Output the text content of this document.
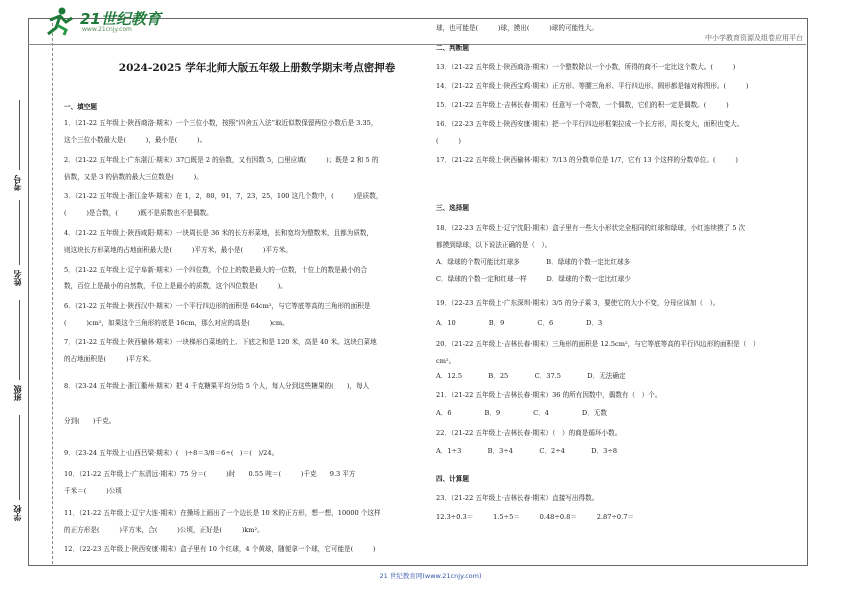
21世纪教育
www.21cnjy.com
中小学教育资源及组卷应用平台
考号
姓名
班级
学校
2024-2025 学年北师大版五年级上册数学期末考点密押卷
一、填空题
1．（21-22 五年级上·陕西商洛·期末）一个三位小数，按照“四舍五入法”取近似数保留两位小数后是 3.35，
这个三位小数最大是(　　　)，最小是(　　　)。
2．（21-22 五年级上·广东湛江·期末）37□既是 2 的倍数，又有因数 5，□里应填(　　　)；既是 2 和 5 的
倍数，又是 3 的倍数的最大三位数是(　　　)。
3．（21-22 五年级上·浙江金华·期末）在 1，2，80，91，7，23，25，100 这几个数中，(　　　)是质数，
(　　　)是合数，(　　　)既不是质数也不是偶数。
4．（21-22 五年级上·陕西咸阳·期末）一块周长是 36 米的长方形菜地，长和宽均为整数米，且都为质数，
则这块长方形菜地的占地面积最大是(　　　)平方米，最小是(　　　)平方米。
5．（21-22 五年级上·辽宁阜新·期末）一个四位数，个位上的数是最大的一位数，十位上的数是最小的合
数，百位上是最小的自然数，千位上是最小的质数，这个四位数是(　　　)。
6．（21-22 五年级上·陕西汉中·期末）一个平行四边形的面积是 64cm²，与它等底等高的三角形的面积是
(　　　)cm²，如果这个三角形的底是 16cm，那么对应的高是(　　　)cm。
7．（21-22 五年级上·陕西榆林·期末）一块梯形白菜地的上、下底之和是 120 米，高是 40 米。这块白菜地
的占地面积是(　　　)平方米。
8．（23-24 五年级上·浙江衢州·期末）把 4 千克糖果平均分给 5 个人，每人分到这些糖果的(　　)，每人
分到(　　)千克。
9．（23-24 五年级上·山西吕梁·期末）(　)÷8＝3/8＝6÷(　)＝(　)/24。
10．（21-22 五年级上·广东清远·期末）75 分＝(　　　)时　　0.55 吨＝(　　　)千克　　9.3 平方
千米＝(　　　)公顷
11．（21-22 五年级上·辽宁大连·期末）在操场上画出了一个边长是 10 米的正方形，想一想，10000 个这样
的正方形是(　　　)平方米，合(　　　)公顷，正好是(　　　)km²。
12．（22-23 五年级上·陕西安康·期末）盒子里有 10 个红球，4 个黄球，随便拿一个球，它可能是(　　　)
球，也可能是(　　　)球，摸出(　　　)球的可能性大。
二、判断题
13．（21-22 五年级上·陕西商洛·期末）一个整数除以一个小数，所得的商不一定比这个数大。(　　　)
14．（21-22 五年级上·陕西宝鸡·期末）正方形、等腰三角形、平行四边形、圆形都是轴对称图形。(　　　)
15．（21-22 五年级上·吉林长春·期末）任意写一个奇数，一个偶数，它们的积一定是偶数。(　　　)
16．（22-23 五年级上·陕西安康·期末）把一个平行四边形框架拉成一个长方形，周长变大，面积也变大。
(　　　)
17．（21-22 五年级上·陕西榆林·期末）7/13 的分数单位是 1/7，它有 13 个这样的分数单位。(　　　)
三、选择题
18．（22-23 五年级上·辽宁沈阳·期末）盒子里有一些大小形状完全相同的红球和绿球，小红连续摸了 5 次
都摸到绿球，以下说法正确的是（　）。
A．绿球的个数可能比红球多　　　　B．绿球的个数一定比红球多
C．绿球的个数一定和红球一样　　　D．绿球的个数一定比红球少
19．（22-23 五年级上·广东深圳·期末）3/5 的分子乘 3，要使它的大小不变，分母应该加（　）。
A．10　　　　　B．9　　　　　C．6　　　　　D．3
20．（21-22 五年级上·吉林长春·期末）三角形的面积是 12.5cm²，与它等底等高的平行四边形的面积是（　）
cm²。
A．12.5　　　　B．25　　　　C．37.5　　　　D．无法确定
21．（21-22 五年级上·吉林长春·期末）36 的所有因数中，偶数有（　）个。
A．6　　　　　B．9　　　　　C．4　　　　　D．无数
22．（21-22 五年级上·吉林长春·期末）（　）的商是循环小数。
A．1÷3　　　　B．3÷4　　　　C．2÷4　　　　D．3÷8
四、计算题
23．（21-22 五年级上·吉林长春·期末）直接写出得数。
12.3÷0.3＝　　　1.5÷5＝　　　0.48÷0.8＝　　　2.87÷0.7＝
21 世纪教育网(www.21cnjy.com)
